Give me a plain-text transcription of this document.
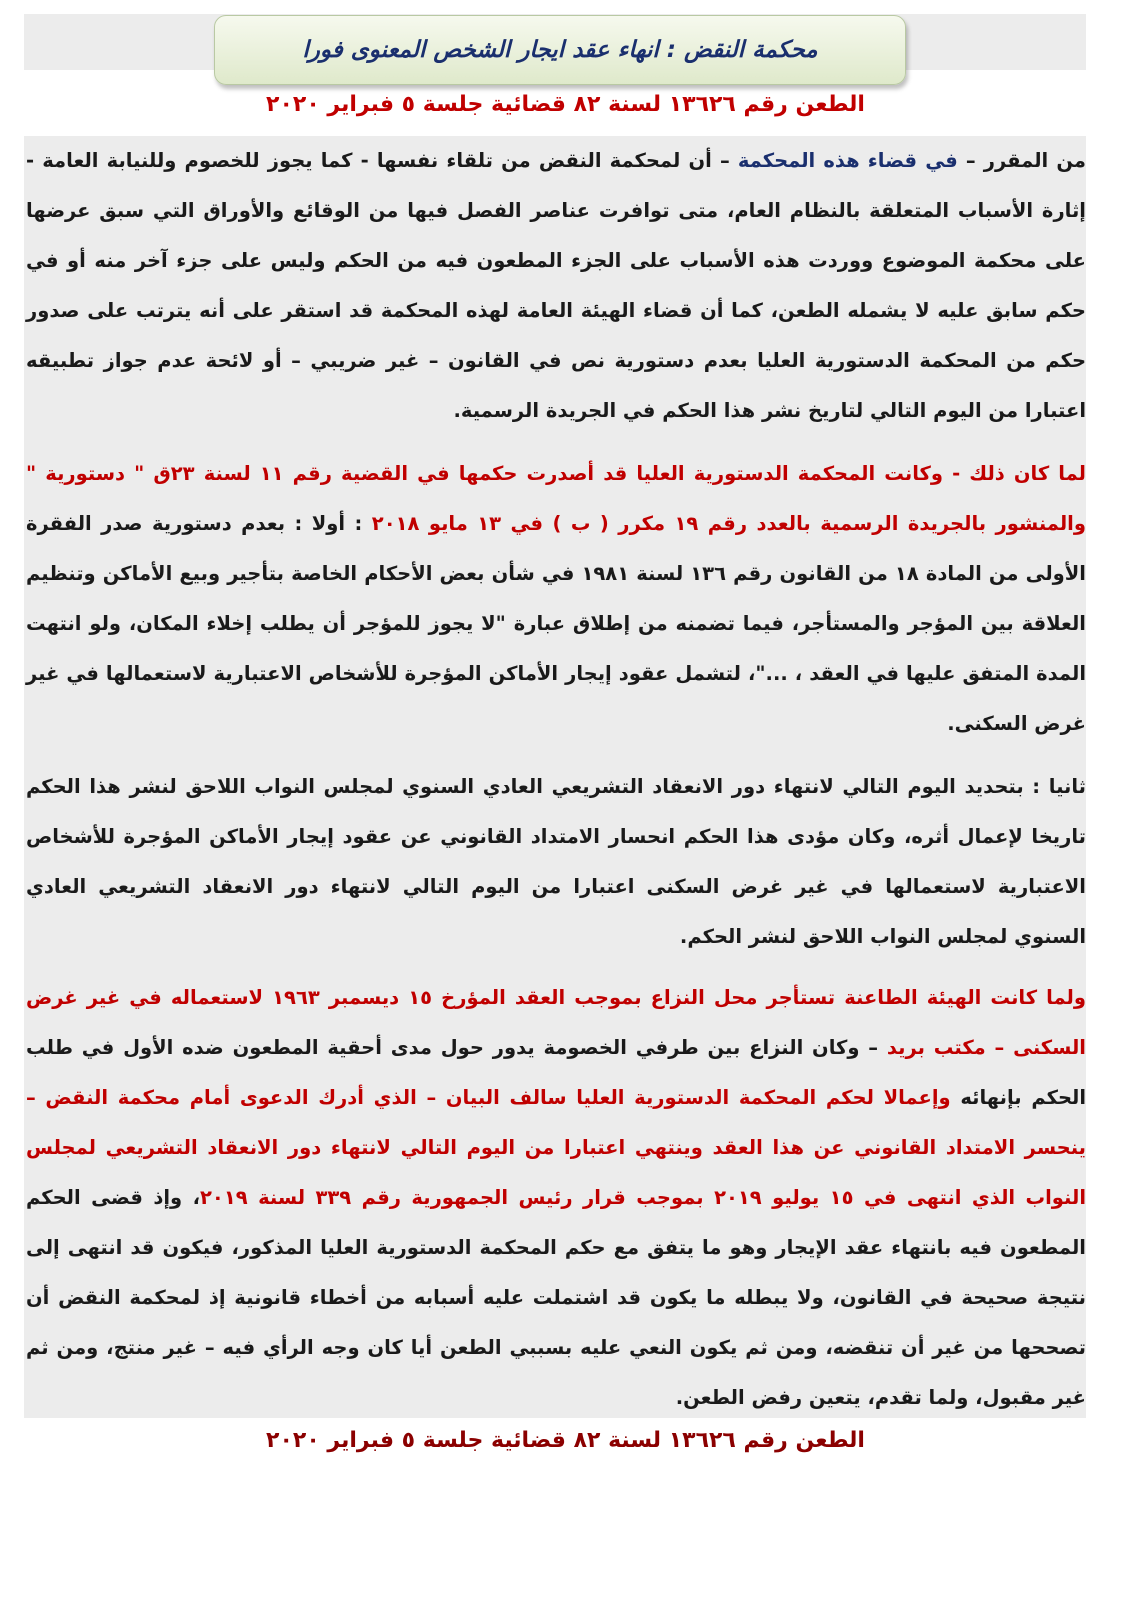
محكمة النقض : انهاء عقد ايجار الشخص المعنوى فورا
الطعن رقم ١٣٦٢٦ لسنة ٨٢ قضائية جلسة ٥ فبراير ٢٠٢٠
من المقرر – في قضاء هذه المحكمة – أن لمحكمة النقض من تلقاء نفسها - كما يجوز للخصوم وللنيابة العامة - إثارة الأسباب المتعلقة بالنظام العام، متى توافرت عناصر الفصل فيها من الوقائع والأوراق التي سبق عرضها على محكمة الموضوع ووردت هذه الأسباب على الجزء المطعون فيه من الحكم وليس على جزء آخر منه أو في حكم سابق عليه لا يشمله الطعن، كما أن قضاء الهيئة العامة لهذه المحكمة قد استقر على أنه يترتب على صدور حكم من المحكمة الدستورية العليا بعدم دستورية نص في القانون – غير ضريبي – أو لائحة عدم جواز تطبيقه اعتبارا من اليوم التالي لتاريخ نشر هذا الحكم في الجريدة الرسمية.
لما كان ذلك - وكانت المحكمة الدستورية العليا قد أصدرت حكمها في القضية رقم ١١ لسنة ٢٣ق " دستورية " والمنشور بالجريدة الرسمية بالعدد رقم ١٩ مكرر ( ب ) في ١٣ مايو ٢٠١٨ : أولا : بعدم دستورية صدر الفقرة الأولى من المادة ١٨ من القانون رقم ١٣٦ لسنة ١٩٨١ في شأن بعض الأحكام الخاصة بتأجير وبيع الأماكن وتنظيم العلاقة بين المؤجر والمستأجر، فيما تضمنه من إطلاق عبارة "لا يجوز للمؤجر أن يطلب إخلاء المكان، ولو انتهت المدة المتفق عليها في العقد ، ..."، لتشمل عقود إيجار الأماكن المؤجرة للأشخاص الاعتبارية لاستعمالها في غير غرض السكنى.
ثانيا : بتحديد اليوم التالي لانتهاء دور الانعقاد التشريعي العادي السنوي لمجلس النواب اللاحق لنشر هذا الحكم تاريخا لإعمال أثره، وكان مؤدى هذا الحكم انحسار الامتداد القانوني عن عقود إيجار الأماكن المؤجرة للأشخاص الاعتبارية لاستعمالها في غير غرض السكنى اعتبارا من اليوم التالي لانتهاء دور الانعقاد التشريعي العادي السنوي لمجلس النواب اللاحق لنشر الحكم.
ولما كانت الهيئة الطاعنة تستأجر محل النزاع بموجب العقد المؤرخ ١٥ ديسمبر ١٩٦٣ لاستعماله في غير غرض السكنى – مكتب بريد – وكان النزاع بين طرفي الخصومة يدور حول مدى أحقية المطعون ضده الأول في طلب الحكم بإنهائه وإعمالا لحكم المحكمة الدستورية العليا سالف البيان – الذي أدرك الدعوى أمام محكمة النقض – ينحسر الامتداد القانوني عن هذا العقد وينتهي اعتبارا من اليوم التالي لانتهاء دور الانعقاد التشريعي لمجلس النواب الذي انتهى في ١٥ يوليو ٢٠١٩ بموجب قرار رئيس الجمهورية رقم ٣٣٩ لسنة ٢٠١٩، وإذ قضى الحكم المطعون فيه بانتهاء عقد الإيجار وهو ما يتفق مع حكم المحكمة الدستورية العليا المذكور، فيكون قد انتهى إلى نتيجة صحيحة في القانون، ولا يبطله ما يكون قد اشتملت عليه أسبابه من أخطاء قانونية إذ لمحكمة النقض أن تصححها من غير أن تنقضه، ومن ثم يكون النعي عليه بسببي الطعن أيا كان وجه الرأي فيه – غير منتج، ومن ثم غير مقبول، ولما تقدم، يتعين رفض الطعن.
الطعن رقم ١٣٦٢٦ لسنة ٨٢ قضائية جلسة ٥ فبراير ٢٠٢٠
